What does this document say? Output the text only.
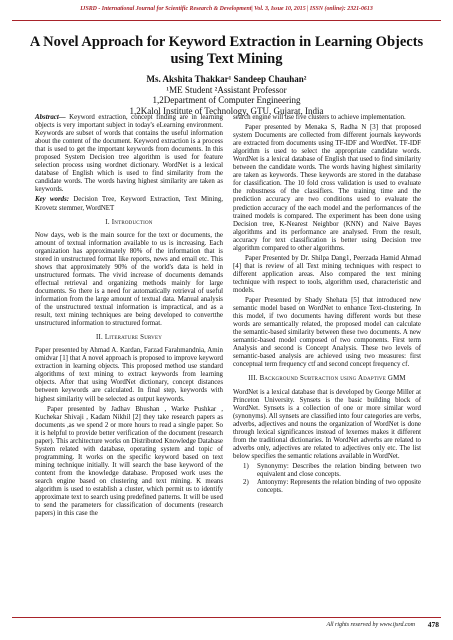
IJSRD - International Journal for Scientific Research & Development| Vol. 3, Issue 10, 2015 | ISSN (online): 2321-0613
A Novel Approach for Keyword Extraction in Learning Objects using Text Mining
Ms. Akshita Thakkar¹ Sandeep Chauhan²
¹ME Student ²Assistant Professor
1,2Department of Computer Engineering
1,2Kalol Institute of Technology, GTU, Gujarat, India

Abstract— Keyword extraction, concept finding are in learning objects is very important subject in today's eLearning environment. Keywords are subset of words that contains the useful information about the content of the document. Keyword extraction is a process that is used to get the important keywords from documents. In this proposed System Decision tree algorithm is used for feature selection process using wordnet dictionary. WordNet is a lexical database of English which is used to find similarity from the candidate words. The words having highest similarity are taken as keywords.

Key words: Decision Tree, Keyword Extraction, Text Mining, Krovetz stemmer, WordNET

I. Introduction

Now days, web is the main source for the text or documents, the amount of textual information available to us is increasing. Each organization has approximately 80% of the information that is stored in unstructured format like reports, news and email etc. This shows that approximately 90% of the world's data is held in unstructured formats. The vivid increase of documents demands effectual retrieval and organizing methods mainly for large documents. So there is a need for automatically retrieval of useful information from the large amount of textual data. Manual analysis of the unstructured textual information is impractical, and as a result, text mining techniques are being developed to convertthe unstructured information to structured format.

II. Literature Survey

Paper presented by Ahmad A. Kardan, Farzad Farahmandnia, Amin omidvar [1] that A novel approach is proposed to improve keyword extraction in learning objects. This proposed method use standard algorithms of text mining to extract keywords from learning objects. After that using WordNet dictionary, concept distances between keywords are calculated. In final step, keywords with highest similarity will be selected as output keywords.

Paper presented by Jadhav Bhushan , Warke Pushkar , Kuchekar Shivaji , Kadam Nikhil [2] they take research papers as documents ,as we spend 2 or more hours to read a single paper. So it is helpful to provide better verification of the document (research paper). This architecture works on Distributed Knowledge Database System related with database, operating system and topic of programming. It works on the specific keyword based on text mining technique initially. It will search the base keyword of the content from the knowledge database. Proposed work uses the search engine based on clustering and text mining. K means algorithm is used to establish a cluster, which permit us to identify approximate text to search using predefined patterns. It will be used to send the parameters for classification of documents (research papers) in this case the

search engine will use five clusters to achieve implementation.

Paper presented by Menaka S, Radha N [3] that proposed system Documents are collected from different journals keywords are extracted from documents using TF-IDF and WordNet. TF-IDF algorithm is used to select the appropriate candidate words. WordNet is a lexical database of English that used to find similarity between the candidate words. The words having highest similarity are taken as keywords. These keywords are stored in the database for classification. The 10 fold cross validation is used to evaluate the robustness of the classifiers. The training time and the prediction accuracy are two conditions used to evaluate the prediction accuracy of the each model and the performances of the trained models is compared. The experiment has been done using Decision tree, K-Nearest Neighbor (KNN) and Naive Bayes algorithms and its performance are analysed. From the result, accuracy for text classification is better using Decision tree algorithm compared to other algorithms.

Paper Presented by Dr. Shilpa Dang1, Peerzada Hamid Ahmad [4] that is review of all Text mining techniques with respect to different application areas. Also compared the text mining technique with respect to tools, algorithm used, characteristic and models.

Paper Presented by Shady Shehata [5] that introduced new semantic model based on WordNet to enhance Text-clustering. In this model, if two documents having different words but these words are semantically related, the proposed model can calculate the semantic-based similarity between these two documents. A new semantic-based model composed of two components. First term Analysis and second is Concept Analysis. These two levels of semantic-based analysis are achieved using two measures: first conceptual term frequency ctf and second concept frequency cf.

III. Background Subtraction using Adaptive GMM

WordNet is a lexical database that is developed by George Miller at Princeton University. Synsets is the basic building block of WordNet. Synsets is a collection of one or more similar word (synonyms). All synsets are classified into four categories are verbs, adverbs, adjectives and nouns the organization of WordNet is done through lexical significances instead of lexemes makes it different from the traditional dictionaries. In WordNet adverbs are related to adverbs only, adjectives are related to adjectives only etc. The list below specifies the semantic relations available in WordNet.

1) Synonymy: Describes the relation binding between two equivalent and close concepts.
2) Antonymy: Represents the relation binding of two opposite concepts.
All rights reserved by www.ijsrd.com 478
